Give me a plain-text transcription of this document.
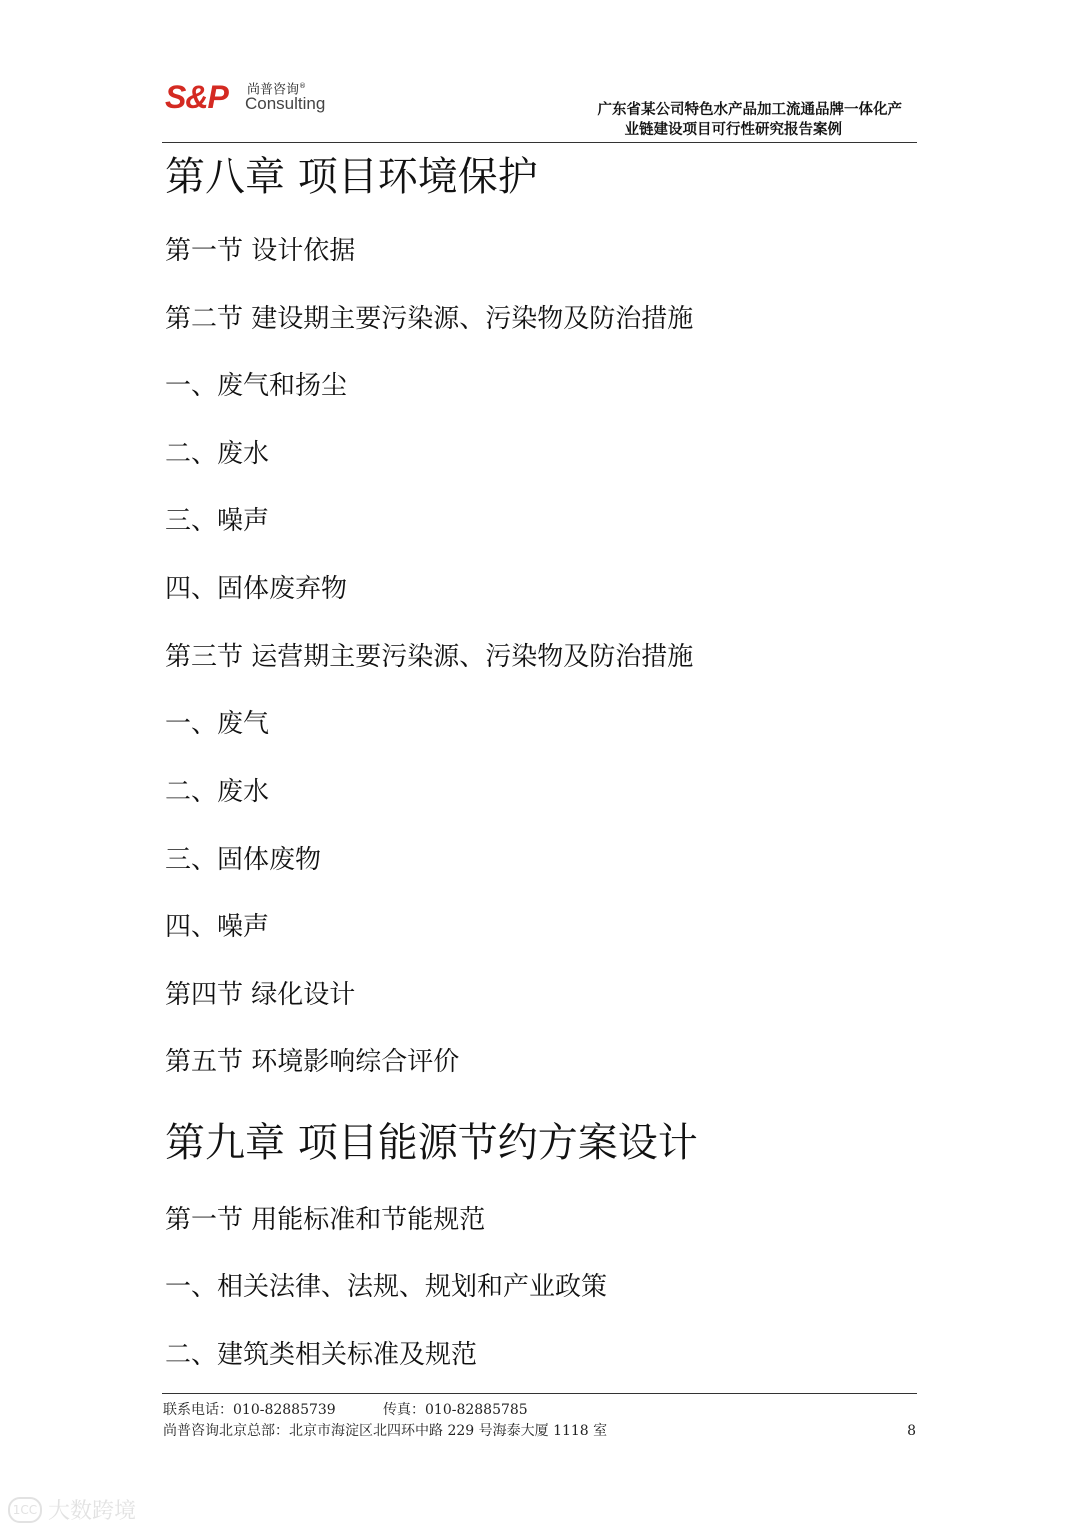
S&P 尚普咨询®
Consulting	广东省某公司特色水产品加工流通品牌一体化产
业链建设项目可行性研究报告案例
第八章 项目环境保护
第一节 设计依据
第二节 建设期主要污染源、污染物及防治措施
一、废气和扬尘
二、废水
三、噪声
四、固体废弃物
第三节 运营期主要污染源、污染物及防治措施
一、废气
二、废水
三、固体废物
四、噪声
第四节 绿化设计
第五节 环境影响综合评价
第九章 项目能源节约方案设计
第一节 用能标准和节能规范
一、相关法律、法规、规划和产业政策
二、建筑类相关标准及规范
联系电话：010-82885739	传真：010-82885785
尚普咨询北京总部：北京市海淀区北四环中路 229 号海泰大厦 1118 室	8
1CC 大数跨境
